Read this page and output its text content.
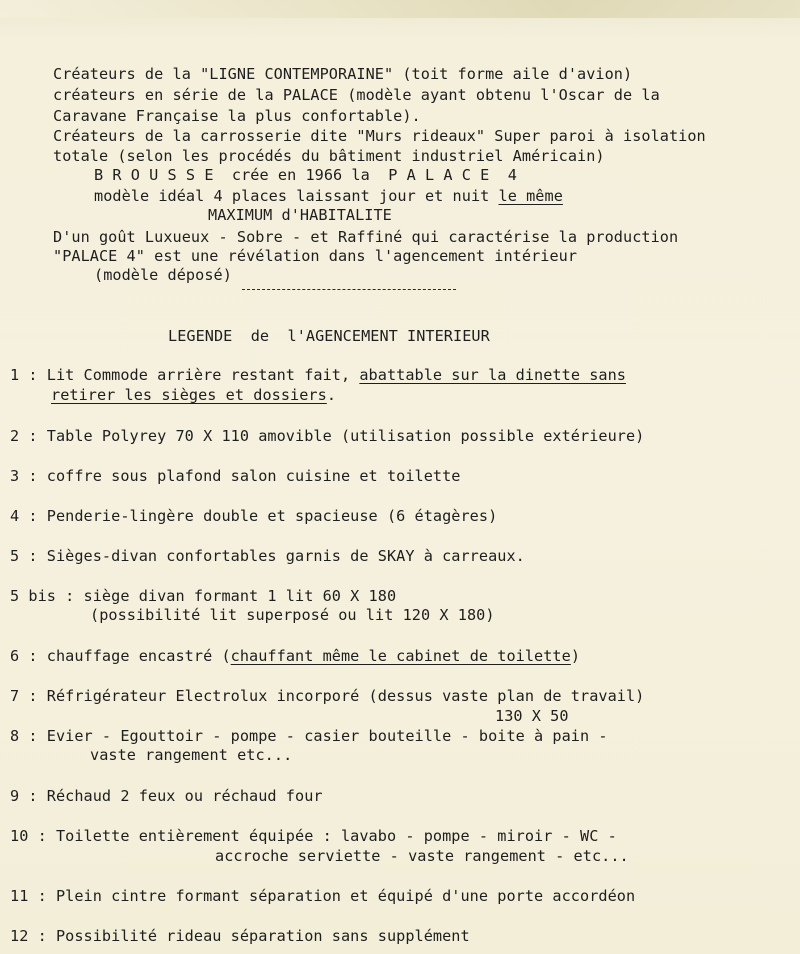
Créateurs de la "LIGNE CONTEMPORAINE" (toit forme aile d'avion)
créateurs en série de la PALACE (modèle ayant obtenu l'Oscar de la
Caravane Française la plus confortable).
Créateurs de la carrosserie dite "Murs rideaux" Super paroi à isolation
totale (selon les procédés du bâtiment industriel Américain)
B R O U S S E  crée en 1966 la  P A L A C E  4
modèle idéal 4 places laissant jour et nuit le même
MAXIMUM d'HABITALITE
D'un goût Luxueux - Sobre - et Raffiné qui caractérise la production
"PALACE 4" est une révélation dans l'agencement intérieur
(modèle déposé)
LEGENDE  de  l'AGENCEMENT INTERIEUR
1 : Lit Commode arrière restant fait, abattable sur la dinette sans
retirer les sièges et dossiers.
2 : Table Polyrey 70 X 110 amovible (utilisation possible extérieure)
3 : coffre sous plafond salon cuisine et toilette
4 : Penderie-lingère double et spacieuse (6 étagères)
5 : Sièges-divan confortables garnis de SKAY à carreaux.
5 bis : siège divan formant 1 lit 60 X 180
(possibilité lit superposé ou lit 120 X 180)
6 : chauffage encastré (chauffant même le cabinet de toilette)
7 : Réfrigérateur Electrolux incorporé (dessus vaste plan de travail)
130 X 50
8 : Evier - Egouttoir - pompe - casier bouteille - boite à pain -
vaste rangement etc...
9 : Réchaud 2 feux ou réchaud four
10 : Toilette entièrement équipée : lavabo - pompe - miroir - WC -
accroche serviette - vaste rangement - etc...
11 : Plein cintre formant séparation et équipé d'une porte accordéon
12 : Possibilité rideau séparation sans supplément
